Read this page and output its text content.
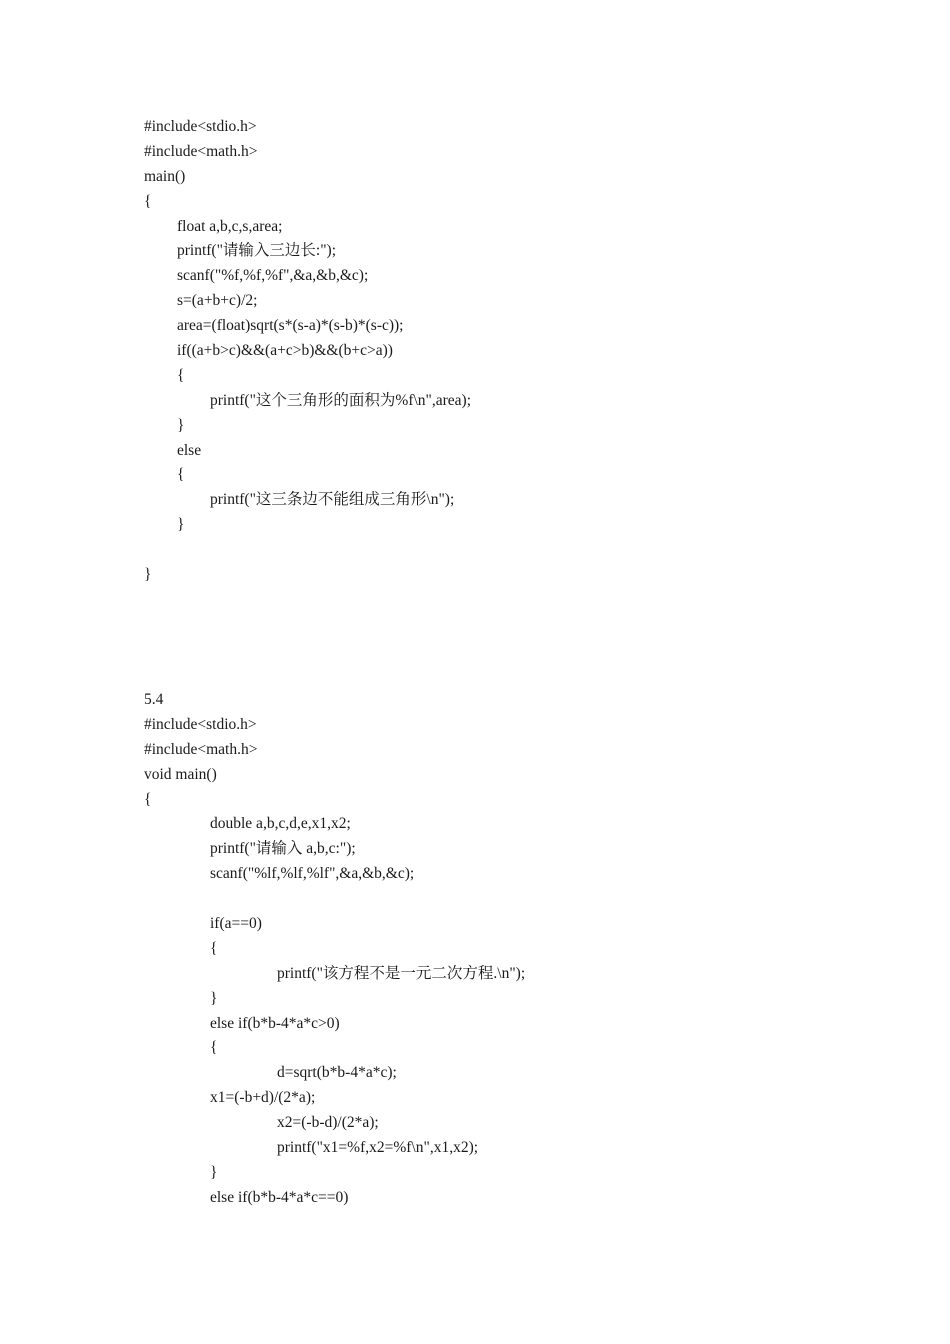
#include<stdio.h>
#include<math.h>
main()
{
float a,b,c,s,area;
printf("请输入三边长:");
scanf("%f,%f,%f",&a,&b,&c);
s=(a+b+c)/2;
area=(float)sqrt(s*(s-a)*(s-b)*(s-c));
if((a+b>c)&&(a+c>b)&&(b+c>a))
{
printf("这个三角形的面积为%f\n",area);
}
else
{
printf("这三条边不能组成三角形\n");
}
}
5.4
#include<stdio.h>
#include<math.h>
void main()
{
double a,b,c,d,e,x1,x2;
printf("请输入 a,b,c:");
scanf("%lf,%lf,%lf",&a,&b,&c);
if(a==0)
{
printf("该方程不是一元二次方程.\n");
}
else if(b*b-4*a*c>0)
{
d=sqrt(b*b-4*a*c);
x1=(-b+d)/(2*a);
x2=(-b-d)/(2*a);
printf("x1=%f,x2=%f\n",x1,x2);
}
else if(b*b-4*a*c==0)
